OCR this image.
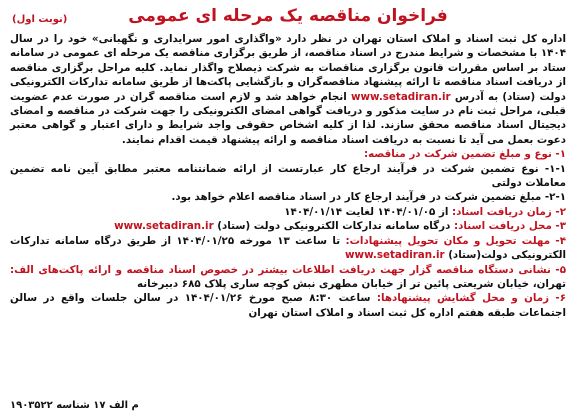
فراخوان مناقصه یک مرحله ای عمومی
(نوبت اول)

اداره کل ثبت اسناد و املاک استان تهران در نظر دارد «واگذاری امور سرایداری و نگهبانی» خود را در سال ۱۴۰۴ با مشخصات و شرایط مندرج در اسناد مناقصه، از طریق برگزاری مناقصه یک مرحله ای عمومی در سامانه ستاد بر اساس مقررات قانون برگزاری مناقصات به شرکت ذیصلاح واگذار نماید. کلیه مراحل برگزاری مناقصه از دریافت اسناد مناقصه تا ارائه پیشنهاد مناقصه‌گران و بازگشایی پاکت‌ها از طریق سامانه تدارکات الکترونیکی دولت (ستاد) به آدرس www.setadiran.ir انجام خواهد شد و لازم است مناقصه گران در صورت عدم عضویت قبلی، مراحل ثبت نام در سایت مذکور و دریافت گواهی امضای الکترونیکی را جهت شرکت در مناقصه و امضای دیجیتال اسناد مناقصه محقق سازند. لذا از کلیه اشخاص حقوقی واجد شرایط و دارای اعتبار و گواهی معتبر دعوت بعمل می آید تا نسبت به دریافت اسناد مناقصه و ارائه پیشنهاد قیمت اقدام نمایند.

۱- نوع و مبلغ تضمین شرکت در مناقصه:

۱-۱- نوع تضمین شرکت در فرآیند ارجاع کار عبارتست از ارائه ضمانتنامه معتبر مطابق آیین نامه تضمین معاملات دولتی

۲-۱- مبلغ تضمین شرکت در فرآیند ارجاع کار در اسناد مناقصه اعلام خواهد بود.

۲- زمان دریافت اسناد: از ۱۴۰۴/۰۱/۰۵ لغایت ۱۴۰۴/۰۱/۱۴

۳- محل دریافت اسناد: درگاه سامانه تدارکات الکترونیکی دولت (ستاد) www.setadiran.ir

۴- مهلت تحویل و مکان تحویل پیشنهادات: تا ساعت ۱۳ مورخه ۱۴۰۴/۰۱/۲۵ از طریق درگاه سامانه تدارکات الکترونیکی دولت(ستاد) www.setadiran.ir

۵- نشانی دستگاه مناقصه گزار جهت دریافت اطلاعات بیشتر در خصوص اسناد مناقصه و ارائه پاکت‌های الف: تهران، خیابان شریعتی پائین تر از خیابان مطهری نبش کوچه ساری پلاک ۶۸۵ دبیرخانه

۶- زمان و محل گشایش پیشنهادها: ساعت ۸:۳۰ صبح مورخ ۱۴۰۴/۰۱/۲۶ در سالن جلسات واقع در سالن اجتماعات طبقه هفتم اداره کل ثبت اسناد و املاک استان تهران

م الف ۱۷ شناسه ۱۹۰۳۵۲۲
